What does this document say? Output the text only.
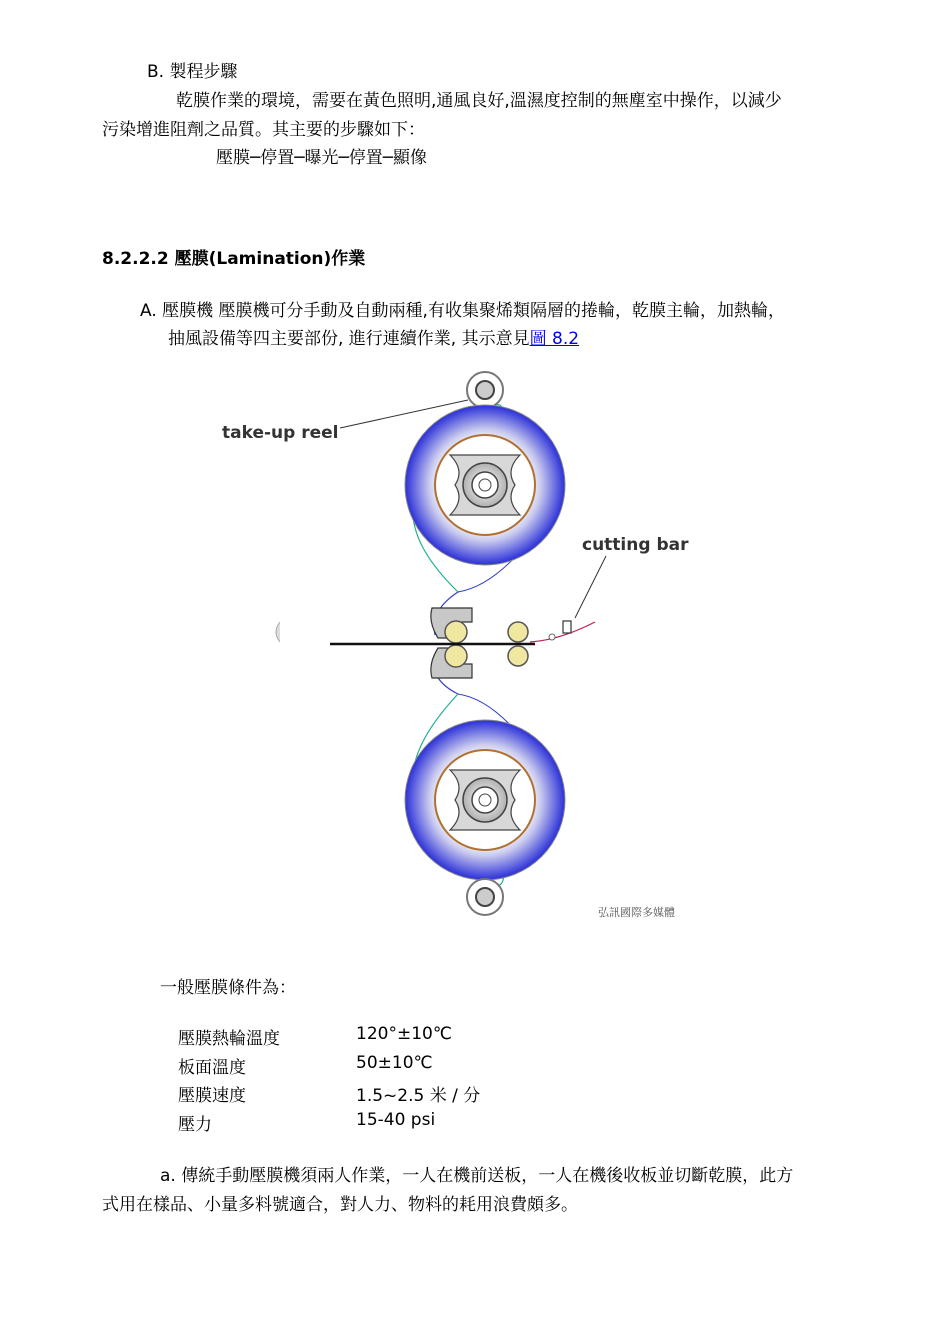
B. 製程步驟
乾膜作業的環境，需要在黃色照明,通風良好,溫濕度控制的無塵室中操作，以減少
污染增進阻劑之品質。其主要的步驟如下：
壓膜─停置─曝光─停置─顯像
8.2.2.2 壓膜(Lamination)作業
A. 壓膜機 壓膜機可分手動及自動兩種,有收集聚烯類隔層的捲輪，乾膜主輪，加熱輪，
抽風設備等四主要部份, 進行連續作業, 其示意見圖 8.2
take-up reel
cutting bar
弘訊國際多媒體
一般壓膜條件為：
壓膜熱輪溫度	120°±10℃
板面溫度	50±10℃
壓膜速度	1.5~2.5 米 / 分
壓力	15-40 psi
a. 傳統手動壓膜機須兩人作業，一人在機前送板，一人在機後收板並切斷乾膜，此方
式用在樣品、小量多料號適合，對人力、物料的耗用浪費頗多。
